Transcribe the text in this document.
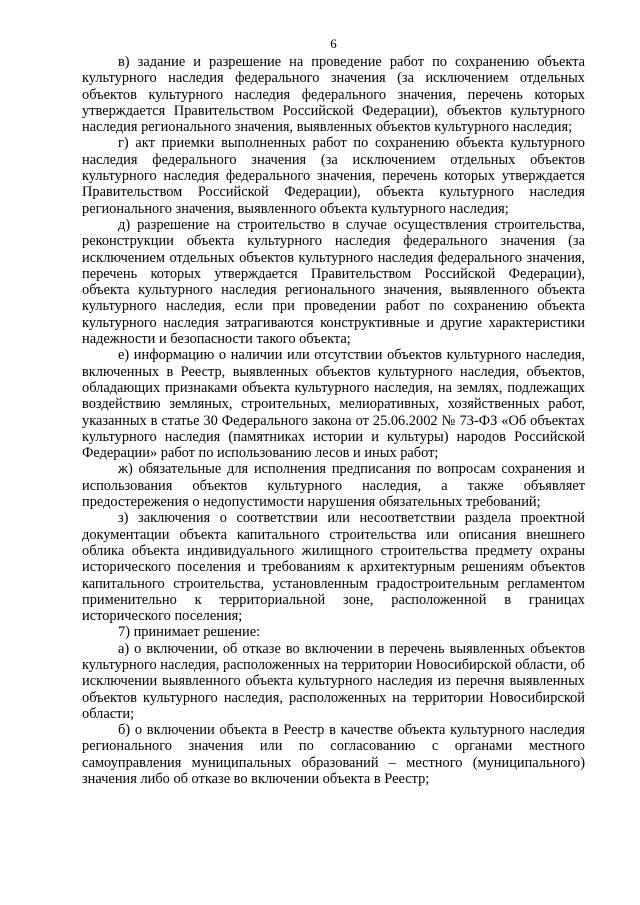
6

в) задание и разрешение на проведение работ по сохранению объекта культурного наследия федерального значения (за исключением отдельных объектов культурного наследия федерального значения, перечень которых утверждается Правительством Российской Федерации), объектов культурного наследия регионального значения, выявленных объектов культурного наследия;

г) акт приемки выполненных работ по сохранению объекта культурного наследия федерального значения (за исключением отдельных объектов культурного наследия федерального значения, перечень которых утверждается Правительством Российской Федерации), объекта культурного наследия регионального значения, выявленного объекта культурного наследия;

д) разрешение на строительство в случае осуществления строительства, реконструкции объекта культурного наследия федерального значения (за исключением отдельных объектов культурного наследия федерального значения, перечень которых утверждается Правительством Российской Федерации), объекта культурного наследия регионального значения, выявленного объекта культурного наследия, если при проведении работ по сохранению объекта культурного наследия затрагиваются конструктивные и другие характеристики надежности и безопасности такого объекта;

е) информацию о наличии или отсутствии объектов культурного наследия, включенных в Реестр, выявленных объектов культурного наследия, объектов, обладающих признаками объекта культурного наследия, на землях, подлежащих воздействию земляных, строительных, мелиоративных, хозяйственных работ, указанных в статье 30 Федерального закона от 25.06.2002 № 73-ФЗ «Об объектах культурного наследия (памятниках истории и культуры) народов Российской Федерации» работ по использованию лесов и иных работ;

ж) обязательные для исполнения предписания по вопросам сохранения и использования объектов культурного наследия, а также объявляет предостережения о недопустимости нарушения обязательных требований;

з) заключения о соответствии или несоответствии раздела проектной документации объекта капитального строительства или описания внешнего облика объекта индивидуального жилищного строительства предмету охраны исторического поселения и требованиям к архитектурным решениям объектов капитального строительства, установленным градостроительным регламентом применительно к территориальной зоне, расположенной в границах исторического поселения;

7) принимает решение:

а) о включении, об отказе во включении в перечень выявленных объектов культурного наследия, расположенных на территории Новосибирской области, об исключении выявленного объекта культурного наследия из перечня выявленных объектов культурного наследия, расположенных на территории Новосибирской области;

б) о включении объекта в Реестр в качестве объекта культурного наследия регионального значения или по согласованию с органами местного самоуправления муниципальных образований – местного (муниципального) значения либо об отказе во включении объекта в Реестр;
